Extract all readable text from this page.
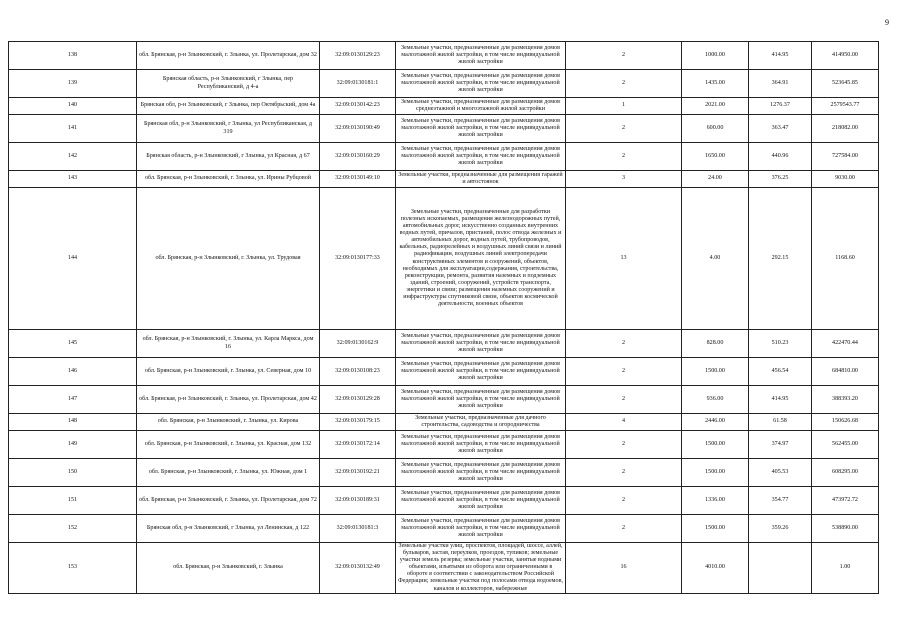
9
138	обл. Брянская, р-н Злынковский, г. Злынка, ул. Пролетарская, дом 32	32:09:0130129:23	Земельные участки, предназначенные для размещения домов малоэтажной жилой застройки, в том числе индивидуальной жилой застройки	2	1000.00	414.95	414950.00
139	Брянская область, р-н Злынковский, г Злынка, пер Республиканский, д 4-а	32:09:0130181:1	Земельные участки, предназначенные для размещения домов малоэтажной жилой застройки, в том числе индивидуальной жилой застройки	2	1435.00	364.91	523645.85
140	Брянская обл, р-н Злынковский, г Злынка, пер Октябрьский, дом 4а	32:09:0130142:23	Земельные участки, предназначенные для размещения домов среднеэтажной и многоэтажной жилой застройки	1	2021.00	1276.37	2579543.77
141	Брянская обл, р-н Злынковский, г Злынка, ул Республиканская, д 319	32:09:0130190:49	Земельные участки, предназначенные для размещения домов малоэтажной жилой застройки, в том числе индивидуальной жилой застройки	2	600.00	363.47	218082.00
142	Брянская область, р-н Злынковский, г Злынка, ул Красная, д 67	32:09:0130160:29	Земельные участки, предназначенные для размещения домов малоэтажной жилой застройки, в том числе индивидуальной жилой застройки	2	1650.00	440.96	727584.00
143	обл. Брянская, р-н Злынковский, г. Злынка, ул. Ирины Рубцовой	32:09:0130149:10	Земельные участки, предназначенные для размещения гаражей и автостоянок	3	24.00	376.25	9030.00
144	обл. Брянская, р-н Злынковский, г. Злынка, ул. Трудовая	32:09:0130177:33	Земельные участки, предназначенные для разработки полезных ископаемых, размещения железнодорожных путей, автомобильных дорог, искусственно созданных внутренних водных путей, причалов, пристаней, полос отвода железных и автомобильных дорог, водных путей, трубопроводов, кабельных, радиорелейных и воздушных линий связи и линий радиофикации, воздушных линий электропередачи конструктивных элементов и сооружений, объектов, необходимых для эксплуатации,содержания, строительства, реконструкции, ремонта, развития наземных и подземных зданий, строений, сооружений, устройств транспорта, энергетики и связи; размещения наземных сооружений и инфраструктуры спутниковой связи, объектов космической деятельности, военных объектов	13	4.00	292.15	1168.60
145	обл. Брянская, р-н Злынковский, г. Злынка, ул. Карла Маркса, дом 16	32:09:0130162:9	Земельные участки, предназначенные для размещения домов малоэтажной жилой застройки, в том числе индивидуальной жилой застройки	2	828.00	510.23	422470.44
146	обл. Брянская, р-н Злынковский, г. Злынка, ул. Северная, дом 10	32:09:0130108:23	Земельные участки, предназначенные для размещения домов малоэтажной жилой застройки, в том числе индивидуальной жилой застройки	2	1500.00	456.54	684810.00
147	обл. Брянская, р-н Злынковский, г. Злынка, ул. Пролетарская, дом 42	32:09:0130129:28	Земельные участки, предназначенные для размещения домов малоэтажной жилой застройки, в том числе индивидуальной жилой застройки	2	936.00	414.95	388393.20
148	обл. Брянская, р-н Злынковский, г. Злынка, ул. Кирова	32:09:0130179:15	Земельные участки, предназначенные для дачного строительства, садоводства и огородничества	4	2446.00	61.58	150626.68
149	обл. Брянская, р-н Злынковский, г. Злынка, ул. Красная, дом 132	32:09:0130172:14	Земельные участки, предназначенные для размещения домов малоэтажной жилой застройки, в том числе индивидуальной жилой застройки	2	1500.00	374.97	562455.00
150	обл. Брянская, р-н Злынковский, г. Злынка, ул. Южная, дом 1	32:09:0130192:21	Земельные участки, предназначенные для размещения домов малоэтажной жилой застройки, в том числе индивидуальной жилой застройки	2	1500.00	405.53	608295.00
151	обл. Брянская, р-н Злынковский, г. Злынка, ул. Пролетарская, дом 72	32:09:0130189:31	Земельные участки, предназначенные для размещения домов малоэтажной жилой застройки, в том числе индивидуальной жилой застройки	2	1336.00	354.77	473972.72
152	Брянская обл, р-н Злынковский, г Злынка, ул Ленинская, д 122	32:09:0130181:3	Земельные участки, предназначенные для размещения домов малоэтажной жилой застройки, в том числе индивидуальной жилой застройки	2	1500.00	359.26	538890.00
153	обл. Брянская, р-н Злынковский, г. Злынка	32:09:0130132:49	Земельные участки улиц, проспектов, площадей, шоссе, аллей, бульваров, застав, переулков, проездов, тупиков; земельные участки земель резерва; земельные участки, занятые водными объектами, изъятыми из оборота или ограниченными в обороте в соответствии с законодательством Российской Федерации; земельные участки под полосами отвода водоемов, каналов и коллекторов, набережные	16	4010.00		1.00
